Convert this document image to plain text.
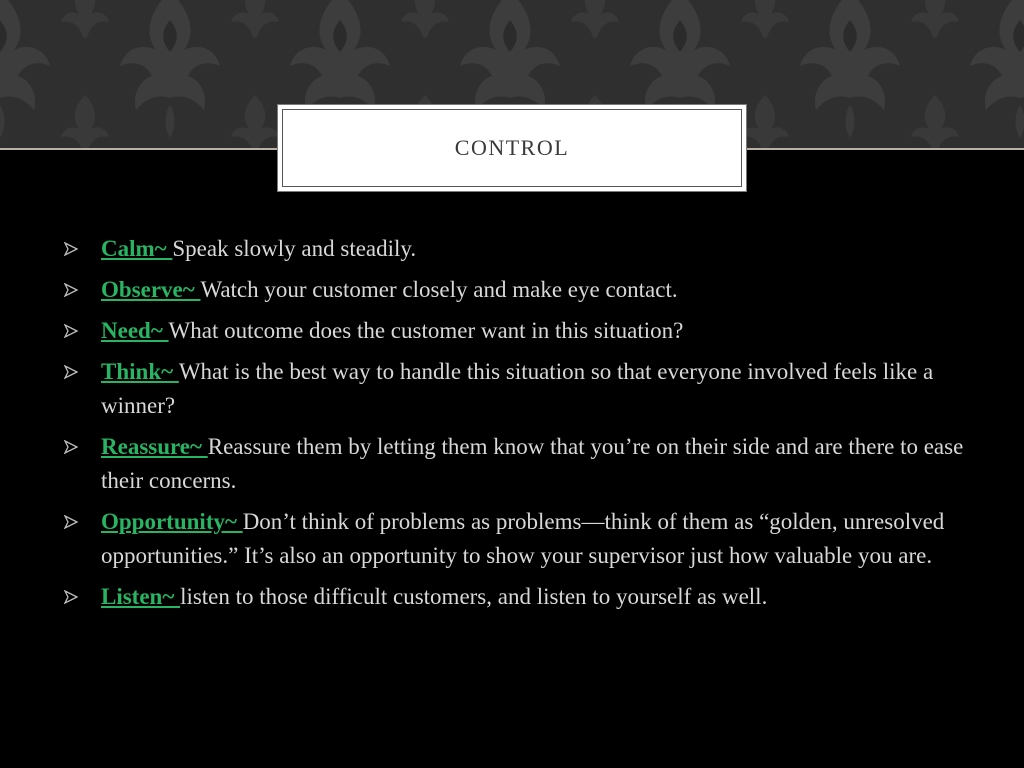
CONTROL
Calm~ Speak slowly and steadily.
Observe~ Watch your customer closely and make eye contact.
Need~ What outcome does the customer want in this situation?
Think~ What is the best way to handle this situation so that everyone involved feels like a winner?
Reassure~ Reassure them by letting them know that you’re on their side and are there to ease their concerns.
Opportunity~ Don’t think of problems as problems—think of them as “golden, unresolved opportunities.” It’s also an opportunity to show your supervisor just how valuable you are.
Listen~ listen to those difficult customers, and listen to yourself as well.
